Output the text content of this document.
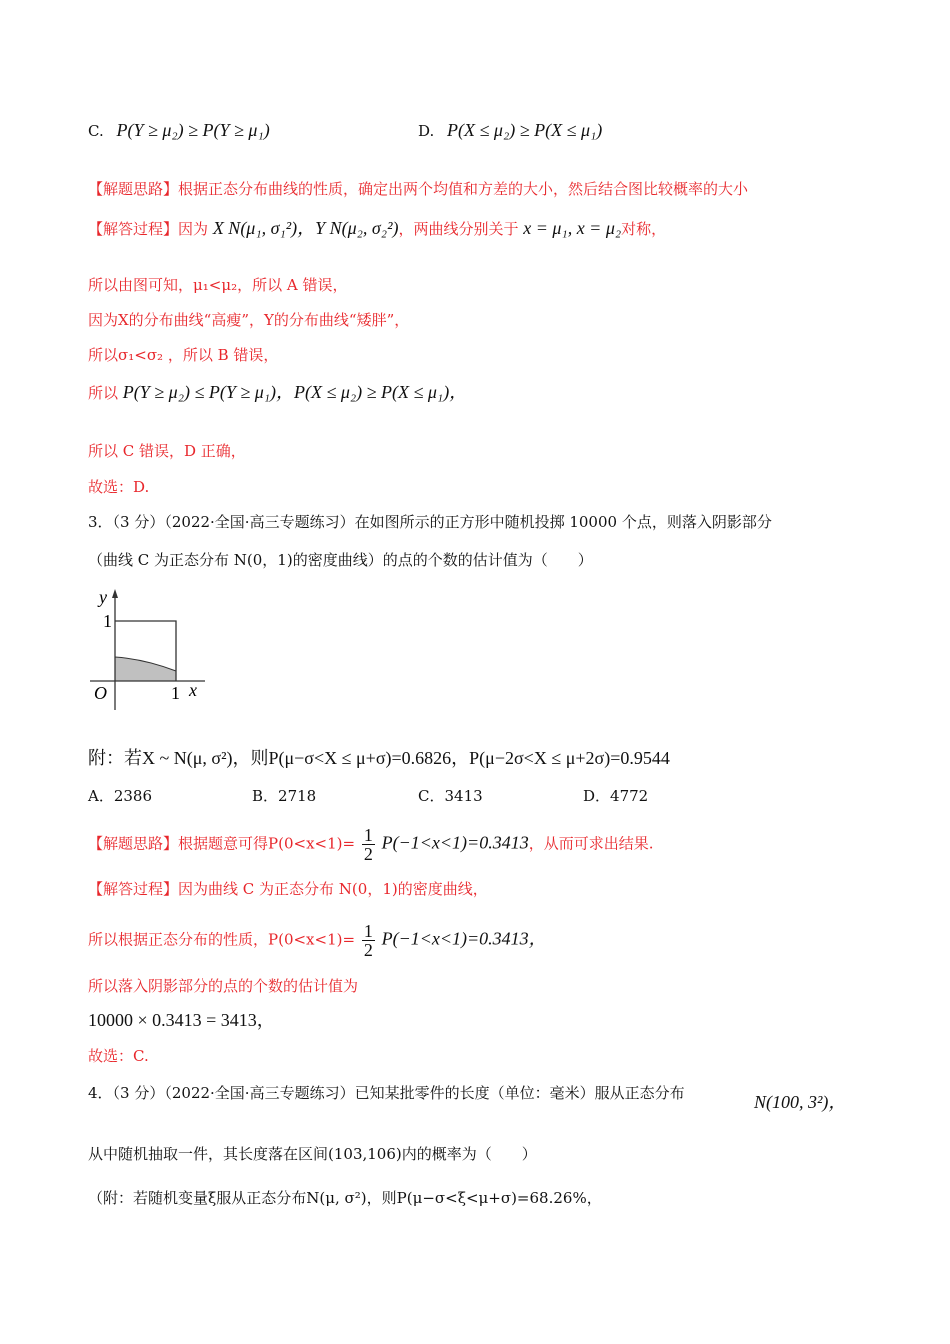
C. P(Y ≥ μ₂) ≥ P(Y ≥ μ₁)	D. P(X ≤ μ₂) ≥ P(X ≤ μ₁)
【解题思路】根据正态分布曲线的性质，确定出两个均值和方差的大小，然后结合图比较概率的大小
【解答过程】因为 X N(μ₁, σ₁²)，Y N(μ₂, σ₂²)，两曲线分别关于 x = μ₁, x = μ₂对称，
所以由图可知，μ₁<μ₂，所以 A 错误，
因为X的分布曲线“高瘦”，Y的分布曲线“矮胖”，
所以σ₁<σ₂ ，所以 B 错误，
所以 P(Y ≥ μ₂) ≤ P(Y ≥ μ₁)，P(X ≤ μ₂) ≥ P(X ≤ μ₁)，
所以 C 错误，D 正确，
故选：D.
3．（3 分）（2022·全国·高三专题练习）在如图所示的正方形中随机投掷 10000 个点，则落入阴影部分
（曲线 C 为正态分布 N(0，1)的密度曲线）的点的个数的估计值为（　　）
y
1
O	1 x
附：若X ~ N(μ, σ²)，则P(μ−σ<X ≤ μ+σ)=0.6826，P(μ−2σ<X ≤ μ+2σ)=0.9544
A．2386	B．2718	C．3413	D．4772
【解题思路】根据题意可得$P(0<x<1)= \frac{1}{2} P(-1<x<1)=0.3413$，从而可求出结果.
【解答过程】因为曲线 C 为正态分布 N(0，1)的密度曲线，
所以根据正态分布的性质，$P(0<x<1)= \frac{1}{2} P(-1<x<1)=0.3413$，
所以落入阴影部分的点的个数的估计值为
10000 × 0.3413 = 3413，
故选：C.
4．（3 分）（2022·全国·高三专题练习）已知某批零件的长度（单位：毫米）服从正态分布	N(100, 3²)，
从中随机抽取一件，其长度落在区间(103,106)内的概率为（　　）
（附：若随机变量ξ服从正态分布N(μ, σ²)，则P(μ−σ<ξ<μ+σ)=68.26%，
